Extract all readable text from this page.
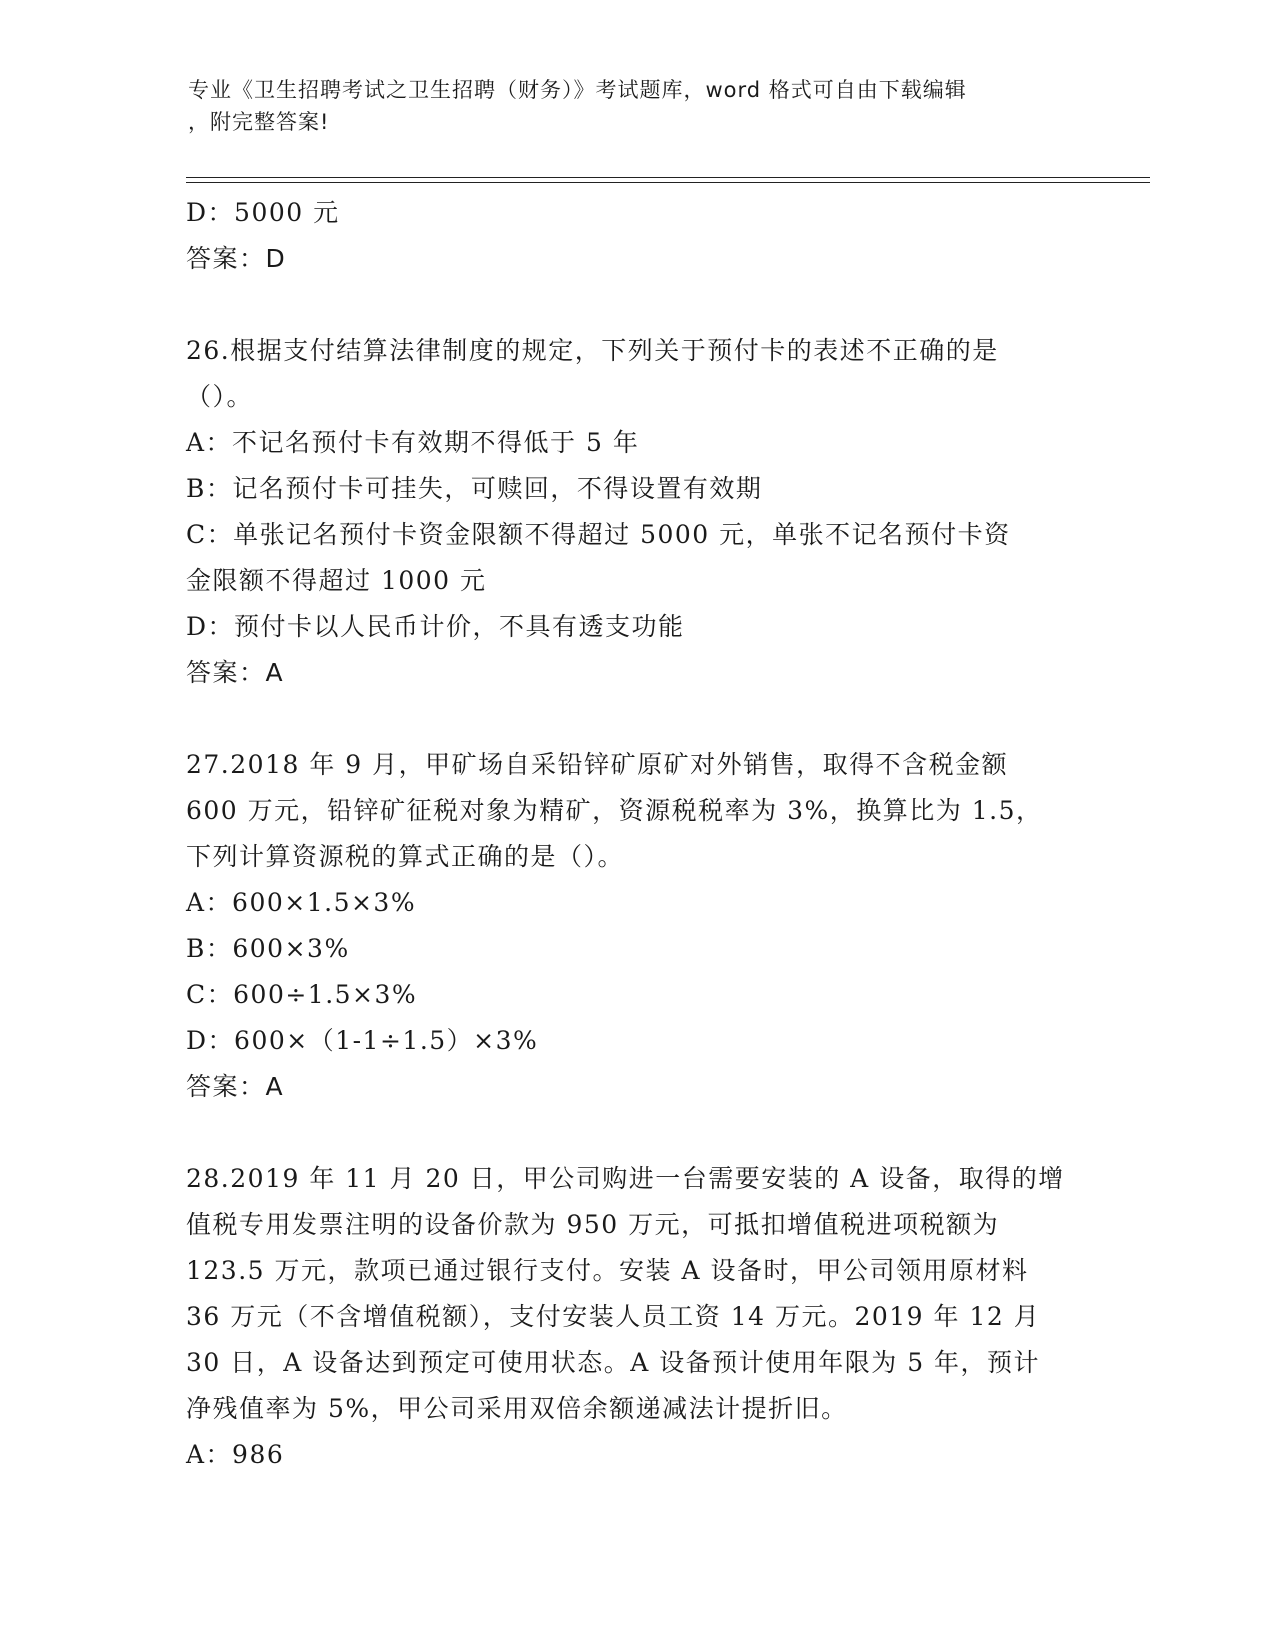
专业《卫生招聘考试之卫生招聘（财务）》考试题库，word 格式可自由下载编辑
，附完整答案!
D：5000 元
答案：D
26.根据支付结算法律制度的规定，下列关于预付卡的表述不正确的是
（）。
A：不记名预付卡有效期不得低于 5 年
B：记名预付卡可挂失，可赎回，不得设置有效期
C：单张记名预付卡资金限额不得超过 5000 元，单张不记名预付卡资
金限额不得超过 1000 元
D：预付卡以人民币计价，不具有透支功能
答案：A
27.2018 年 9 月，甲矿场自采铅锌矿原矿对外销售，取得不含税金额
600 万元，铅锌矿征税对象为精矿，资源税税率为 3%，换算比为 1.5，
下列计算资源税的算式正确的是（）。
A：600×1.5×3%
B：600×3%
C：600÷1.5×3%
D：600×（1-1÷1.5）×3%
答案：A
28.2019 年 11 月 20 日，甲公司购进一台需要安装的 A 设备，取得的增
值税专用发票注明的设备价款为 950 万元，可抵扣增值税进项税额为
123.5 万元，款项已通过银行支付。安装 A 设备时，甲公司领用原材料
36 万元（不含增值税额），支付安装人员工资 14 万元。2019 年 12 月
30 日，A 设备达到预定可使用状态。A 设备预计使用年限为 5 年，预计
净残值率为 5%，甲公司采用双倍余额递减法计提折旧。
A：986
